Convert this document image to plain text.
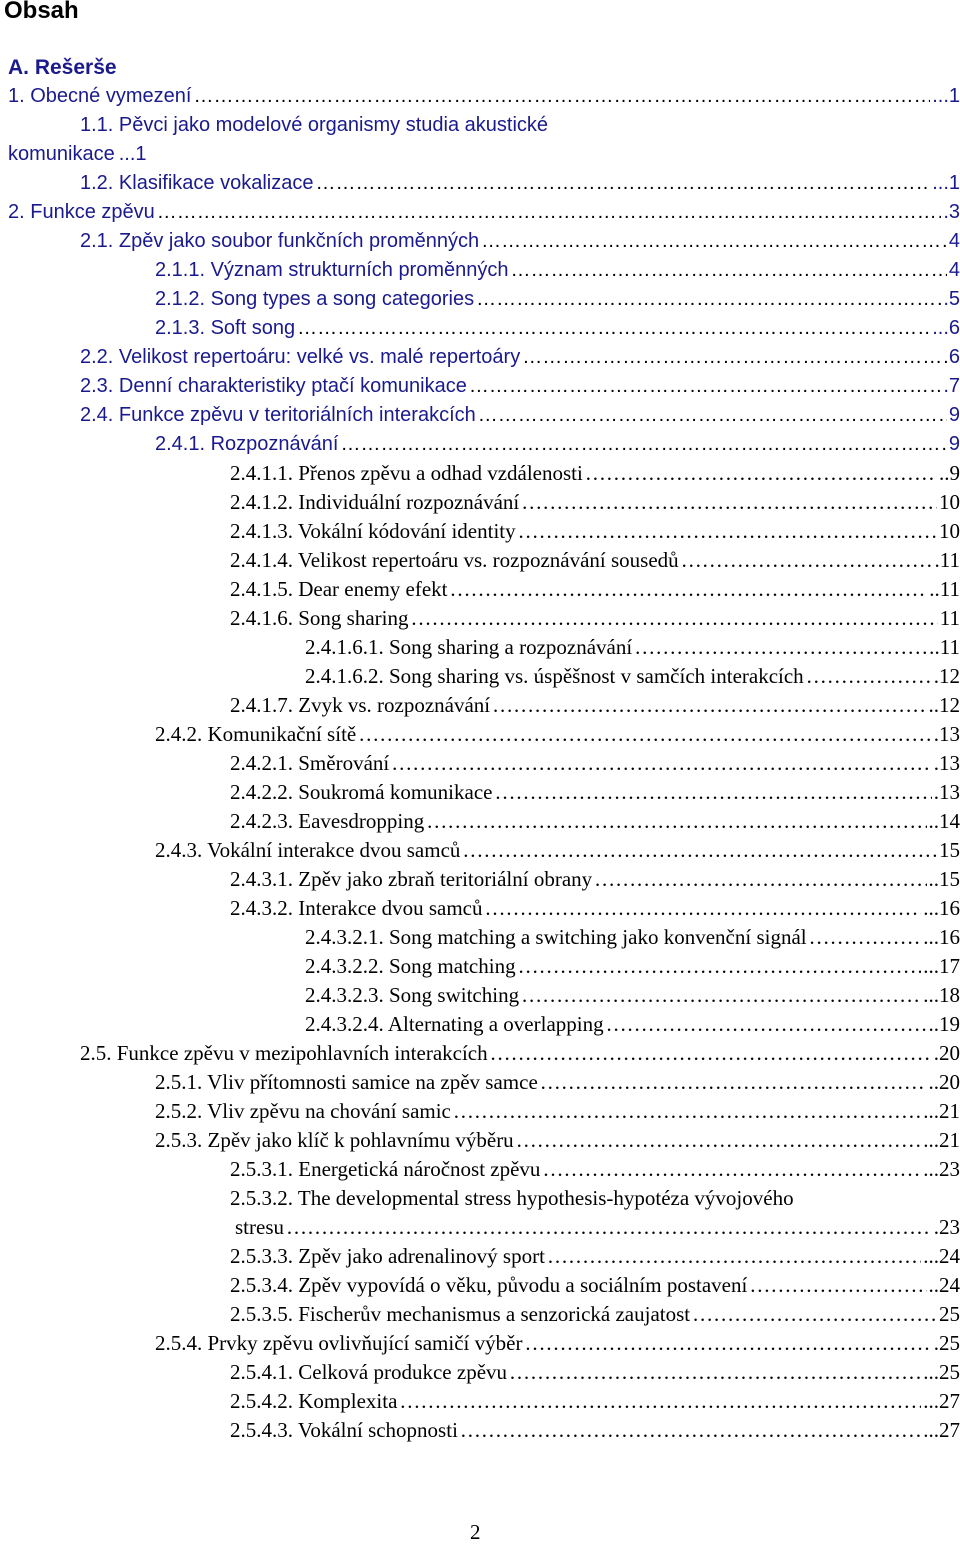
Obsah
A. Rešerše
1. Obecné vymezení ………………………………………………………………………………………………………………………………………………………………………………………………………………	...1
1.1. Pěvci jako modelové organismy studia akustické
komunikace ...1
1.2. Klasifikace vokalizace ………………………………………………………………………………………………………………………………………………………………………………………………………………	...1
2. Funkce zpěvu ………………………………………………………………………………………………………………………………………………………………………………………………………………	.3
2.1. Zpěv jako soubor funkčních proměnných ………………………………………………………………………………………………………………………………………………………………………………………………………………	4
2.1.1. Význam strukturních proměnných ………………………………………………………………………………………………………………………………………………………………………………………………………………	4
2.1.2. Song types a song categories ………………………………………………………………………………………………………………………………………………………………………………………………………………	.5
2.1.3. Soft song ………………………………………………………………………………………………………………………………………………………………………………………………………………	...6
2.2. Velikost repertoáru: velké vs. malé repertoáry ………………………………………………………………………………………………………………………………………………………………………………………………………………	6
2.3. Denní charakteristiky ptačí komunikace ………………………………………………………………………………………………………………………………………………………………………………………………………………	.7
2.4. Funkce zpěvu v teritoriálních interakcích ………………………………………………………………………………………………………………………………………………………………………………………………………………	9
2.4.1. Rozpoznávání ………………………………………………………………………………………………………………………………………………………………………………………………………………	9
2.4.1.1. Přenos zpěvu a odhad vzdálenosti ………………………………………………………………………………………………………………………………………………………………………………………………………………	..9
2.4.1.2. Individuální rozpoznávání ………………………………………………………………………………………………………………………………………………………………………………………………………………	10
2.4.1.3. Vokální kódování identity ………………………………………………………………………………………………………………………………………………………………………………………………………………	10
2.4.1.4. Velikost repertoáru vs. rozpoznávání sousedů ………………………………………………………………………………………………………………………………………………………………………………………………………………	.11
2.4.1.5. Dear enemy efekt ………………………………………………………………………………………………………………………………………………………………………………………………………………	..11
2.4.1.6. Song sharing ………………………………………………………………………………………………………………………………………………………………………………………………………………	11
2.4.1.6.1. Song sharing a rozpoznávání ………………………………………………………………………………………………………………………………………………………………………………………………………………	.11
2.4.1.6.2. Song sharing vs. úspěšnost v samčích interakcích ………………………………………………………………………………………………………………………………………………………………………………………………………………	.12
2.4.1.7. Zvyk vs. rozpoznávání ………………………………………………………………………………………………………………………………………………………………………………………………………………	..12
2.4.2. Komunikační sítě ………………………………………………………………………………………………………………………………………………………………………………………………………………	.13
2.4.2.1. Směrování ………………………………………………………………………………………………………………………………………………………………………………………………………………	.13
2.4.2.2. Soukromá komunikace ………………………………………………………………………………………………………………………………………………………………………………………………………………	.13
2.4.2.3. Eavesdropping ………………………………………………………………………………………………………………………………………………………………………………………………………………	..14
2.4.3. Vokální interakce dvou samců ………………………………………………………………………………………………………………………………………………………………………………………………………………	15
2.4.3.1. Zpěv jako zbraň teritoriální obrany ………………………………………………………………………………………………………………………………………………………………………………………………………………	..15
2.4.3.2. Interakce dvou samců ………………………………………………………………………………………………………………………………………………………………………………………………………………	...16
2.4.3.2.1. Song matching a switching jako konvenční signál ………………………………………………………………………………………………………………………………………………………………………………………………………………	...16
2.4.3.2.2. Song matching ………………………………………………………………………………………………………………………………………………………………………………………………………………	...17
2.4.3.2.3. Song switching ………………………………………………………………………………………………………………………………………………………………………………………………………………	...18
2.4.3.2.4. Alternating a overlapping ………………………………………………………………………………………………………………………………………………………………………………………………………………	..19
2.5. Funkce zpěvu v mezipohlavních interakcích ………………………………………………………………………………………………………………………………………………………………………………………………………………	.20
2.5.1. Vliv přítomnosti samice na zpěv samce ………………………………………………………………………………………………………………………………………………………………………………………………………………	..20
2.5.2. Vliv zpěvu na chování samic ………………………………………………………………………………………………………………………………………………………………………………………………………………	...21
2.5.3. Zpěv jako klíč k pohlavnímu výběru ………………………………………………………………………………………………………………………………………………………………………………………………………………	...21
2.5.3.1. Energetická náročnost zpěvu ………………………………………………………………………………………………………………………………………………………………………………………………………………	...23
2.5.3.2. The developmental stress hypothesis-hypotéza vývojového
stresu ………………………………………………………………………………………………………………………………………………………………………………………………………………	.23
2.5.3.3. Zpěv jako adrenalinový sport ………………………………………………………………………………………………………………………………………………………………………………………………………………	...24
2.5.3.4. Zpěv vypovídá o věku, původu a sociálním postavení ………………………………………………………………………………………………………………………………………………………………………………………………………………	..24
2.5.3.5. Fischerův mechanismus a senzorická zaujatost ………………………………………………………………………………………………………………………………………………………………………………………………………………	25
2.5.4. Prvky zpěvu ovlivňující samičí výběr ………………………………………………………………………………………………………………………………………………………………………………………………………………	.25
2.5.4.1. Celková produkce zpěvu ………………………………………………………………………………………………………………………………………………………………………………………………………………	...25
2.5.4.2. Komplexita ………………………………………………………………………………………………………………………………………………………………………………………………………………	...27
2.5.4.3. Vokální schopnosti ………………………………………………………………………………………………………………………………………………………………………………………………………………	...27
2
